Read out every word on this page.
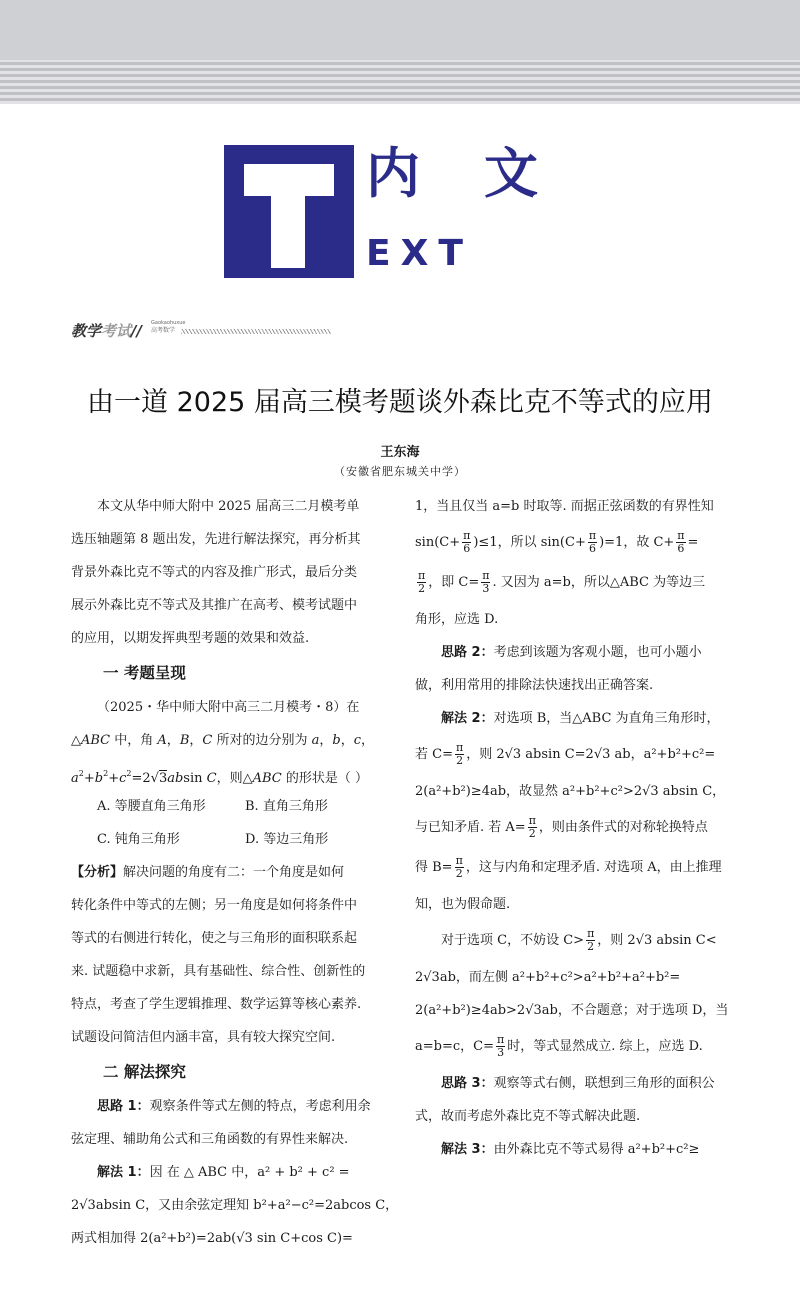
内文
EXT
教学考试// Gaokaohuxue
高考数学
由一道 2025 届高三模考题谈外森比克不等式的应用
王东海
（安徽省肥东城关中学）
本文从华中师大附中 2025 届高三二月模考单
选压轴题第 8 题出发，先进行解法探究，再分析其
背景外森比克不等式的内容及推广形式，最后分类
展示外森比克不等式及其推广在高考、模考试题中
的应用，以期发挥典型考题的效果和效益.
一 考题呈现
（2025・华中师大附中高三二月模考・8）在
△ABC 中，角 A，B，C 所对的边分别为 a，b，c，
$a^2+b^2+c^2=2√3absin$ C，则△ABC 的形状是（ ）
A. 等腰直角三角形	B. 直角三角形
C. 钝角三角形	D. 等边三角形
【分析】解决问题的角度有二：一个角度是如何
转化条件中等式的左侧；另一角度是如何将条件中
等式的右侧进行转化，使之与三角形的面积联系起
来. 试题稳中求新，具有基础性、综合性、创新性的
特点，考查了学生逻辑推理、数学运算等核心素养.
试题设问简洁但内涵丰富，具有较大探究空间.
二 解法探究
思路 1：观察条件等式左侧的特点，考虑利用余
弦定理、辅助角公式和三角函数的有界性来解决.
解法 1：因 在 △ ABC 中，a² + b² + c² =
2√3absin C，又由余弦定理知 b²+a²−c²=2abcos C，
两式相加得 2(a²+b²)=2ab(√3 sin C+cos C)=
1，当且仅当 a=b 时取等. 而据正弦函数的有界性知
$\sin(C+ \frac{\pi}{6} )\le 1$，所以 $\sin(C+ \frac{\pi}{6} )=1$，故 $C+ \frac{\pi}{6}$ =
$\frac{\pi}{2}$ ，即 $C= \frac{\pi}{3}$ . 又因为 a=b，所以△ABC 为等边三
角形，应选 D.
思路 2：考虑到该题为客观小题，也可小题小
做，利用常用的排除法快速找出正确答案.
解法 2：对选项 B，当△ABC 为直角三角形时，
若 $C= \frac{\pi}{2}$ ，则 2√3 absin C=2√3 ab，a²+b²+c²=
2(a²+b²)≥4ab，故显然 a²+b²+c²>2√3 absin C，
与已知矛盾. 若 $A= \frac{\pi}{2}$ ，则由条件式的对称轮换特点
得 $B= \frac{\pi}{2}$ ，这与内角和定理矛盾. 对选项 A，由上推理
知，也为假命题.
对于选项 C，不妨设 $C> \frac{\pi}{2}$ ，则 2√3 absin C<
2√3ab，而左侧 a²+b²+c²>a²+b²+a²+b²=
2(a²+b²)≥4ab>2√3ab，不合题意；对于选项 D，当
a=b=c，$C= \frac{\pi}{3}$ 时，等式显然成立. 综上，应选 D.
思路 3：观察等式右侧，联想到三角形的面积公
式，故而考虑外森比克不等式解决此题.
解法 3：由外森比克不等式易得 a²+b²+c²≥
